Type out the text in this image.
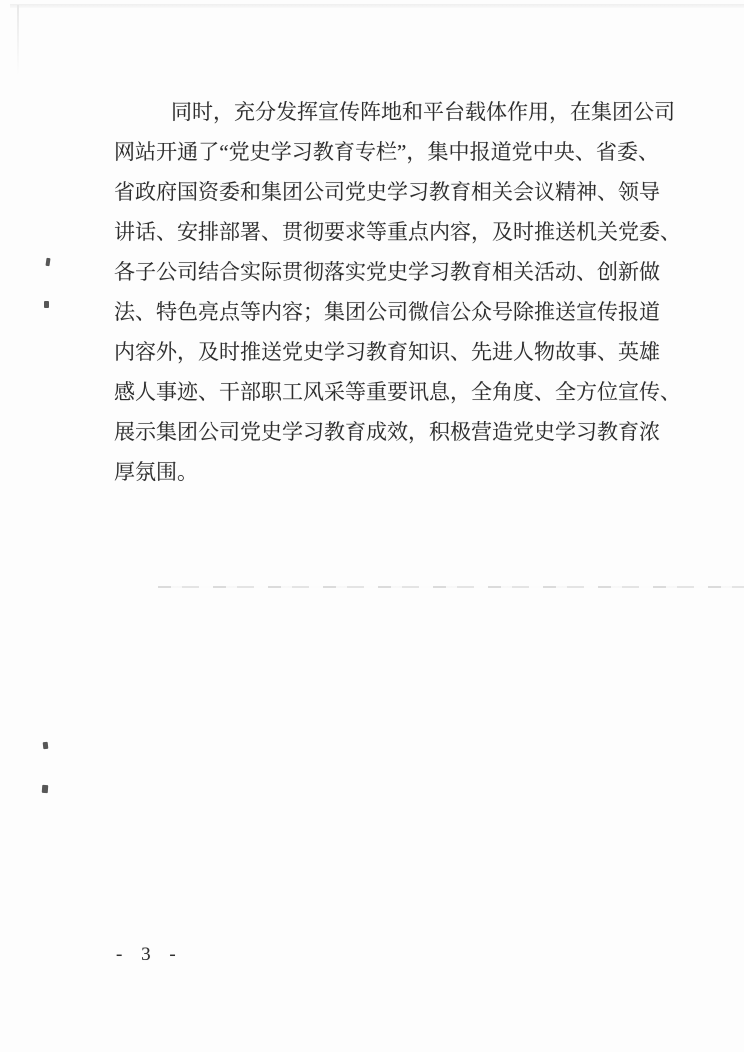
同时，充分发挥宣传阵地和平台载体作用，在集团公司
网站开通了“党史学习教育专栏”，集中报道党中央、省委、
省政府国资委和集团公司党史学习教育相关会议精神、领导
讲话、安排部署、贯彻要求等重点内容，及时推送机关党委、
各子公司结合实际贯彻落实党史学习教育相关活动、创新做
法、特色亮点等内容；集团公司微信公众号除推送宣传报道
内容外，及时推送党史学习教育知识、先进人物故事、英雄
感人事迹、干部职工风采等重要讯息，全角度、全方位宣传、
展示集团公司党史学习教育成效，积极营造党史学习教育浓
厚氛围。
- 3 -
